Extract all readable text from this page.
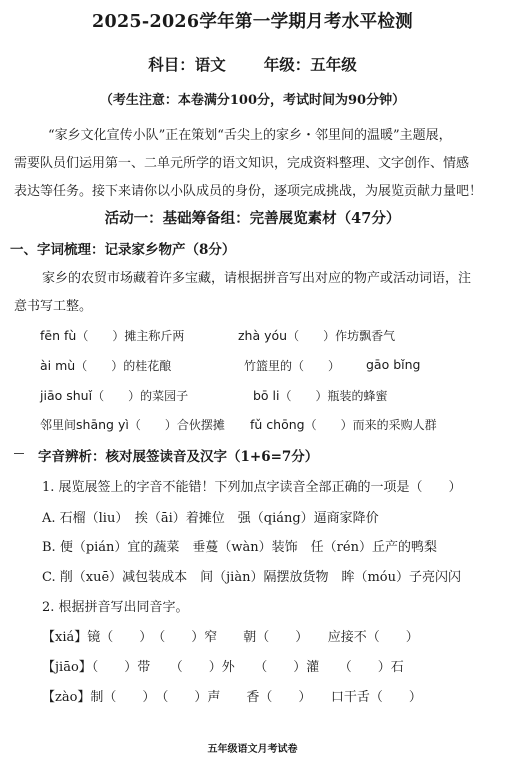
2025-2026学年第一学期月考水平检测
科目：语文 年级：五年级
（考生注意：本卷满分100分，考试时间为90分钟）
“家乡文化宣传小队”正在策划“舌尖上的家乡・邻里间的温暖”主题展，
需要队员们运用第一、二单元所学的语文知识，完成资料整理、文字创作、情感
表达等任务。接下来请你以小队成员的身份，逐项完成挑战，为展览贡献力量吧！
活动一：基础筹备组：完善展览素材（47分）
一、字词梳理：记录家乡物产（8分）
家乡的农贸市场藏着许多宝藏，请根据拼音写出对应的物产或活动词语，注
意书写工整。
fēn fù（　　）摊主称斤两	zhà yóu（　　）作坊飘香气
ài mù（　　）的桂花酿	竹篮里的（　　） gāo bǐng
jiāo shuǐ（　　）的菜园子	bō li（　　）瓶装的蜂蜜
邻里间shāng yì（　　）合伙摆摊 fǔ chōng（　　）而来的采购人群
字音辨析：核对展签读音及汉字（1+6=7分）
1. 展览展签上的字音不能错！下列加点字读音全部正确的一项是（　　）
A. 石榴（liu）　挨（āi）着摊位　强（qiáng）逼商家降价
B. 便（pián）宜的蔬菜　垂蔓（wàn）装饰　任（rén）丘产的鸭梨
C. 削（xuē）减包装成本　间（jiàn）隔摆放货物　眸（móu）子亮闪闪
2. 根据拼音写出同音字。
【xiá】镜（　　）　（　　）窄　　朝（　　）　　应接不（　　）
【jiāo】（　　）带　　（　　）外　　（　　）灌　　（　　）石
【zào】制（　　）　（　　）声　　香（　　）　　口干舌（　　）
五年级语文月考试卷
